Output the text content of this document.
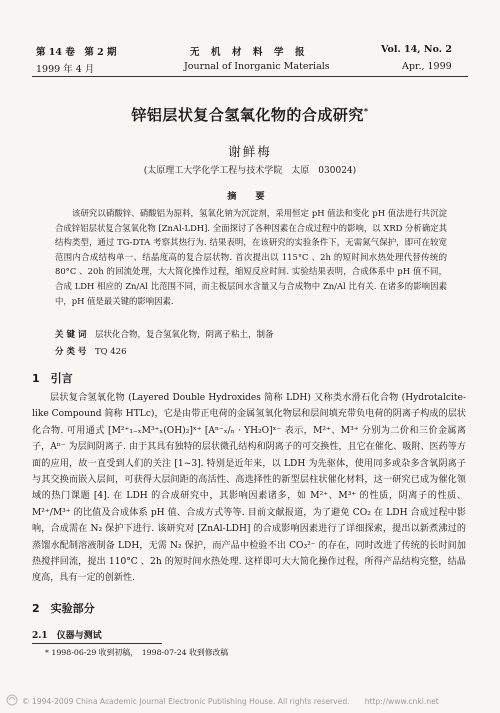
第 14 卷　第 2 期	无　机　材　料　学　报	Vol. 14, No. 2
1999 年 4 月	Journal of Inorganic Materials	Apr., 1999
锌铝层状复合氢氧化物的合成研究*
谢鲜梅
(太原理工大学化学工程与技术学院　太原　030024)
摘 要
该研究以硝酸锌、硝酸铝为原料，氢氧化钠为沉淀剂，采用恒定 pH 值法和变化 pH 值法进行共沉淀合成锌铝层状复合氢氧化物 [ZnAl-LDH]. 全面探讨了各种因素在合成过程中的影响，以 XRD 分析确定其结构类型，通过 TG-DTA 考察其热行为. 结果表明，在该研究的实验条件下，无需氮气保护，即可在较宽范围内合成结构单一、结晶度高的复合层状物. 首次提出以 115°C 、2h 的短时间水热处理代替传统的 80°C 、20h 的回流处理，大大简化操作过程，缩短反应时间. 实验结果表明，合成体系中 pH 值不同，合成 LDH 相应的 Zn/Al 比范围不同，而主板层间水含量又与合成物中 Zn/Al 比有关. 在诸多的影响因素中，pH 值是最关键的影响因素.
关 键 词　 层状化合物，复合氢氧化物，阴离子粘土，制备
分 类 号　 TQ 426
1　引言
层状复合氢氧化物 (Layered Double Hydroxides 简称 LDH) 又称类水滑石化合物 (Hydrotalcite-like Compound 简称 HTLc)，它是由带正电荷的金属氢氧化物层和层间填充带负电荷的阴离子构成的层状化合物. 可用通式 [M²⁺₁₋ₓM³⁺ₓ(OH)₂]ˣ⁺ [Aⁿ⁻ₓ/ₙ · YH₂O]ˣ⁻ 表示，M²⁺、M³⁺ 分别为二价和三价金属离子，Aⁿ⁻ 为层间阴离子. 由于其具有独特的层状微孔结构和阴离子的可交换性，且它在催化、吸附、医药等方面的应用，故一直受到人们的关注 [1~3]. 特别是近年来，以 LDH 为先驱体，使用同多或杂多含氧阴离子与其交换而嵌入层间，可获得大层间距的高活性、高选择性的新型层柱状催化材料，这一研究已成为催化领域的热门课题 [4]. 在 LDH 的合成研究中，其影响因素诸多，如 M²⁺、M³⁺ 的性质，阴离子的性质、M²⁺/M³⁺ 的比值及合成体系 pH 值、合成方式等等. 目前文献报道，为了避免 CO₂ 在 LDH 合成过程中影响，合成需在 N₂ 保护下进行. 该研究对 [ZnAl-LDH] 的合成影响因素进行了详细探索，提出以新煮沸过的蒸馏水配制溶液制备 LDH，无需 N₂ 保护，而产品中检验不出 CO₃²⁻ 的存在，同时改进了传统的长时间加热搅拌回流，提出 110°C 、2h 的短时间水热处理. 这样即可大大简化操作过程，所得产品结构完整，结晶度高，具有一定的创新性.
2　实验部分
2.1　仪器与测试
* 1998-06-29 收到初稿，　1998-07-24 收到修改稿
© 1994-2009 China Academic Journal Electronic Publishing House. All rights reserved.　　http://www.cnki.net
